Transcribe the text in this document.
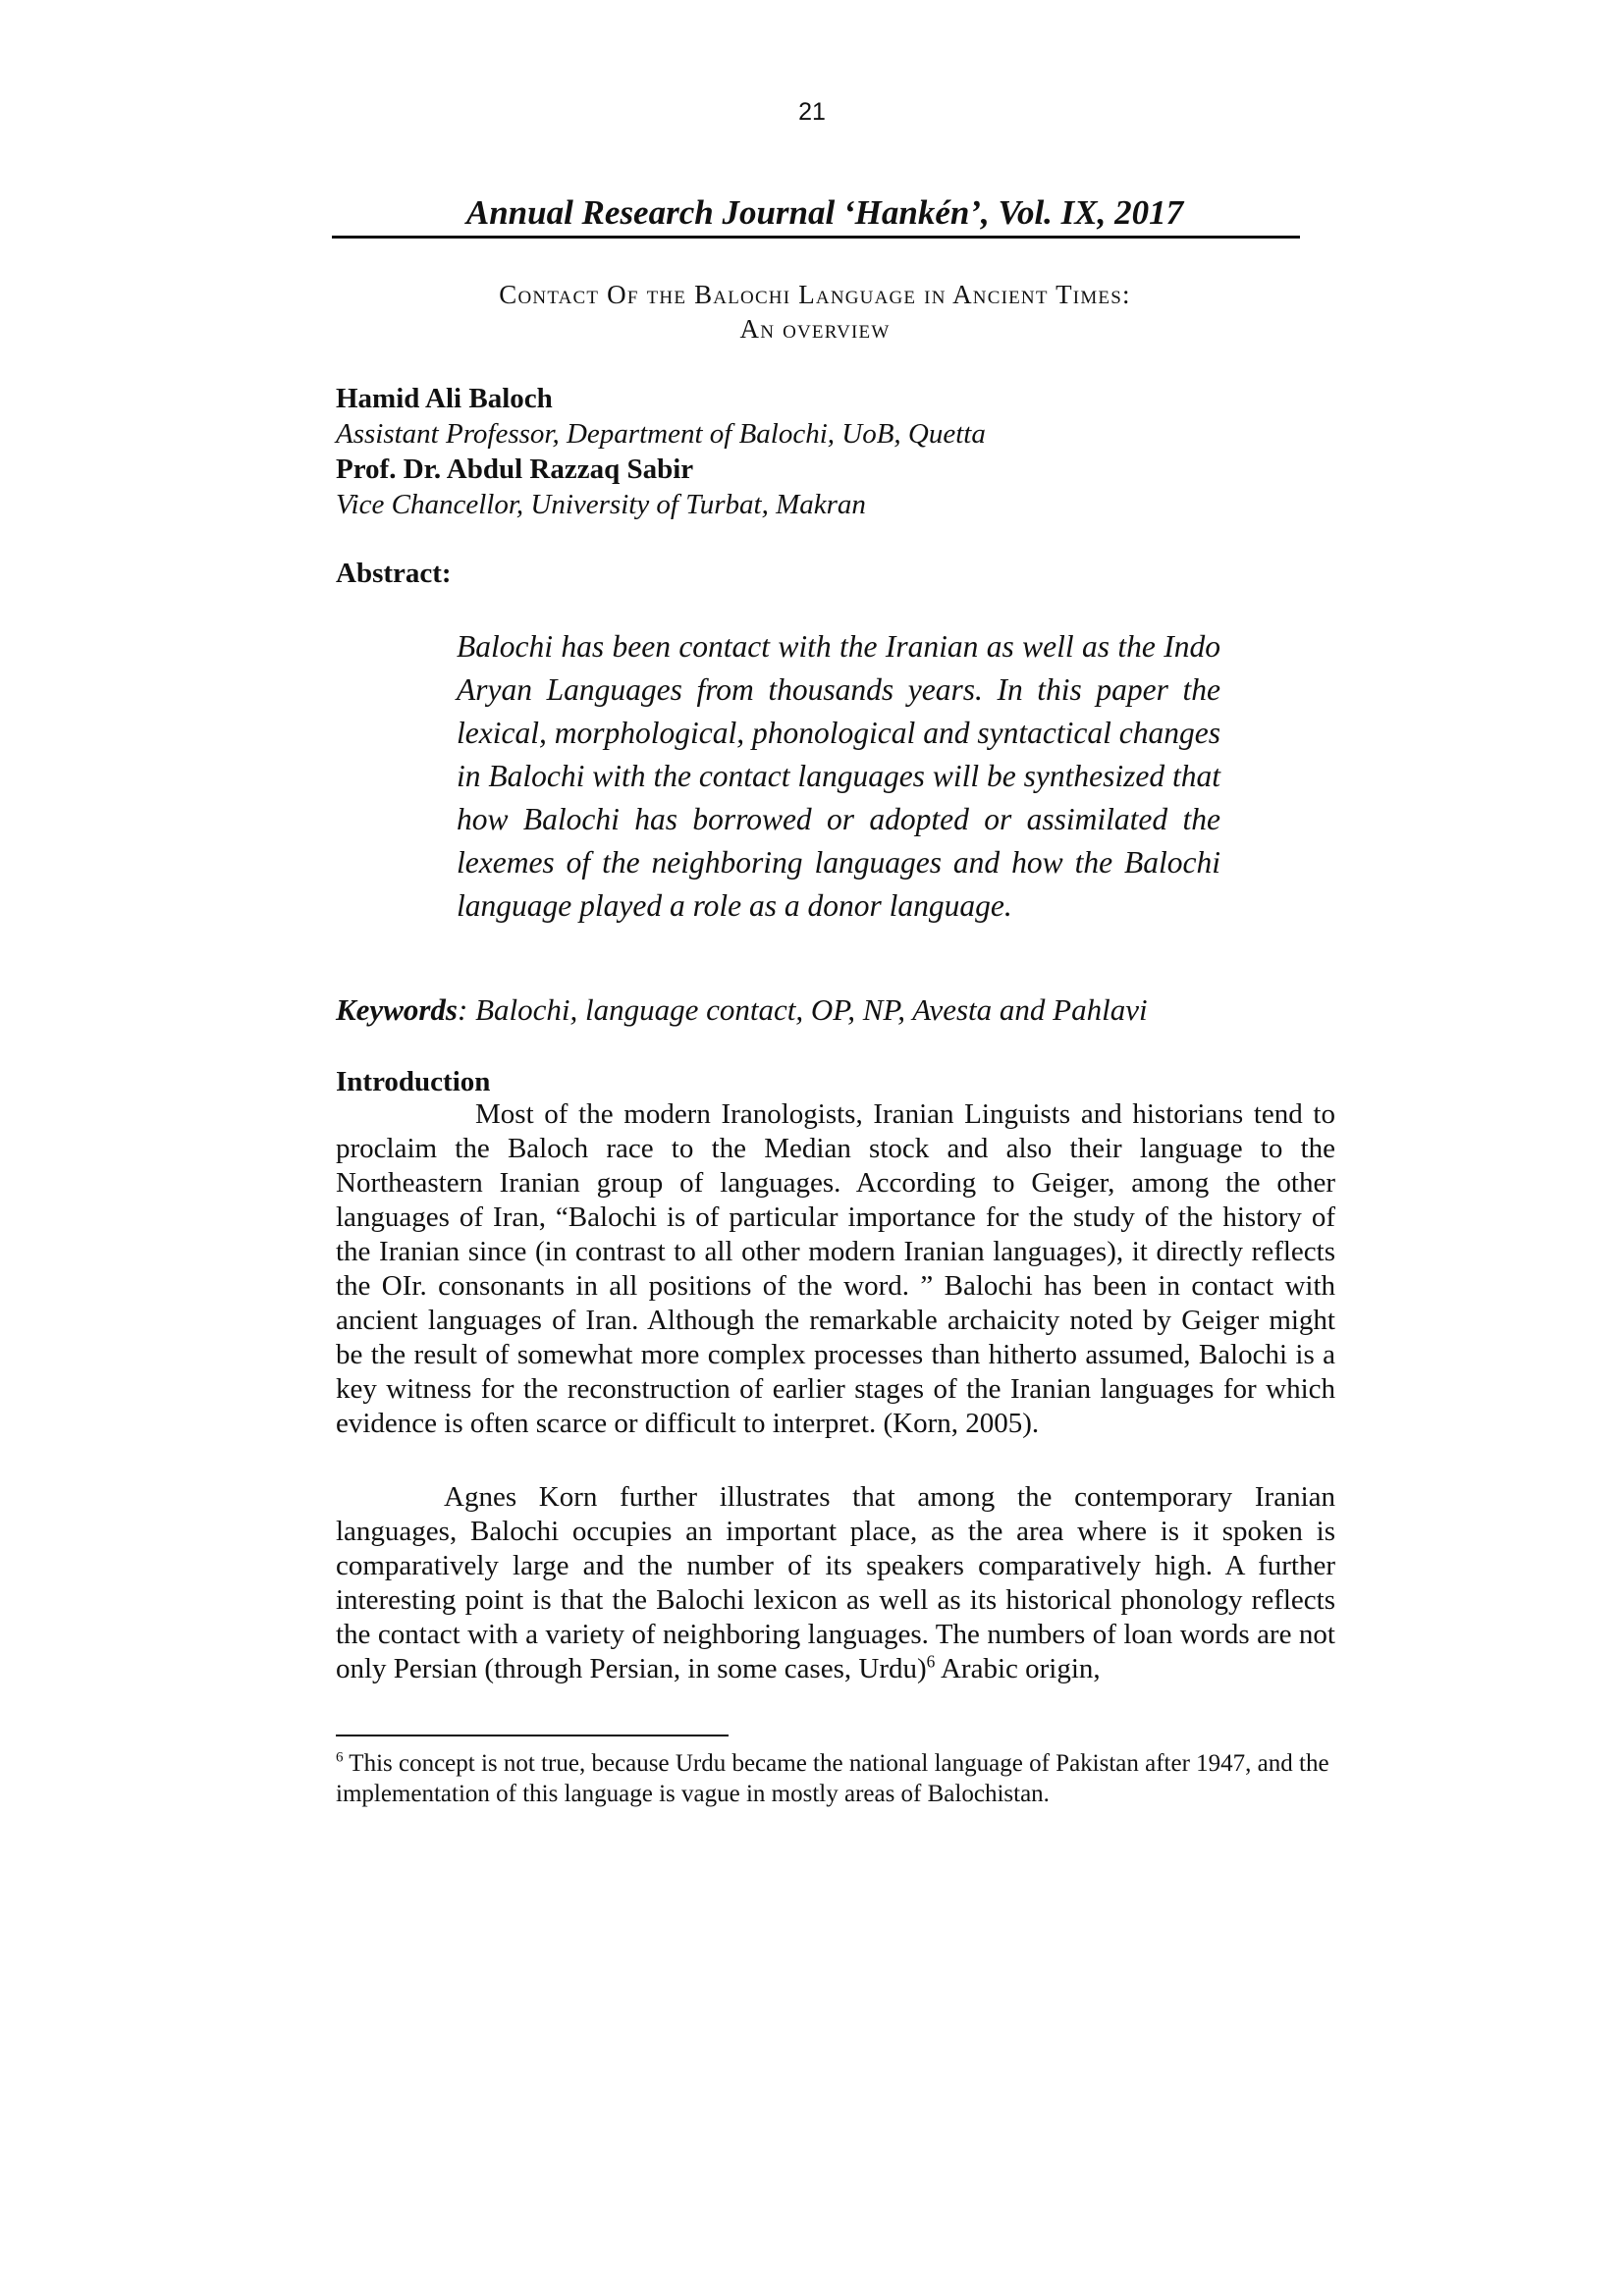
21
Annual Research Journal ‘Hankén’, Vol. IX, 2017
Contact Of the Balochi Language in Ancient Times:
An overview
Hamid Ali Baloch
Assistant Professor, Department of Balochi, UoB, Quetta
Prof. Dr. Abdul Razzaq Sabir
Vice Chancellor, University of Turbat, Makran
Abstract:

Balochi has been contact with the Iranian as well as the Indo Aryan Languages from thousands years. In this paper the lexical, morphological, phonological and syntactical changes in Balochi with the contact languages will be synthesized that how Balochi has borrowed or adopted or assimilated the lexemes of the neighboring languages and how the Balochi language played a role as a donor language.

Keywords: Balochi, language contact, OP, NP, Avesta and Pahlavi
Introduction

Most of the modern Iranologists, Iranian Linguists and historians tend to proclaim the Baloch race to the Median stock and also their language to the Northeastern Iranian group of languages. According to Geiger, among the other languages of Iran, “Balochi is of particular importance for the study of the history of the Iranian since (in contrast to all other modern Iranian languages), it directly reflects the OIr. consonants in all positions of the word. ” Balochi has been in contact with ancient languages of Iran. Although the remarkable archaicity noted by Geiger might be the result of somewhat more complex processes than hitherto assumed, Balochi is a key witness for the reconstruction of earlier stages of the Iranian languages for which evidence is often scarce or difficult to interpret. (Korn, 2005).

Agnes Korn further illustrates that among the contemporary Iranian languages, Balochi occupies an important place, as the area where is it spoken is comparatively large and the number of its speakers comparatively high. A further interesting point is that the Balochi lexicon as well as its historical phonology reflects the contact with a variety of neighboring languages. The numbers of loan words are not only Persian (through Persian, in some cases, Urdu)$^6$ Arabic origin,

$^6$ This concept is not true, because Urdu became the national language of Pakistan after 1947, and the implementation of this language is vague in mostly areas of Balochistan.
